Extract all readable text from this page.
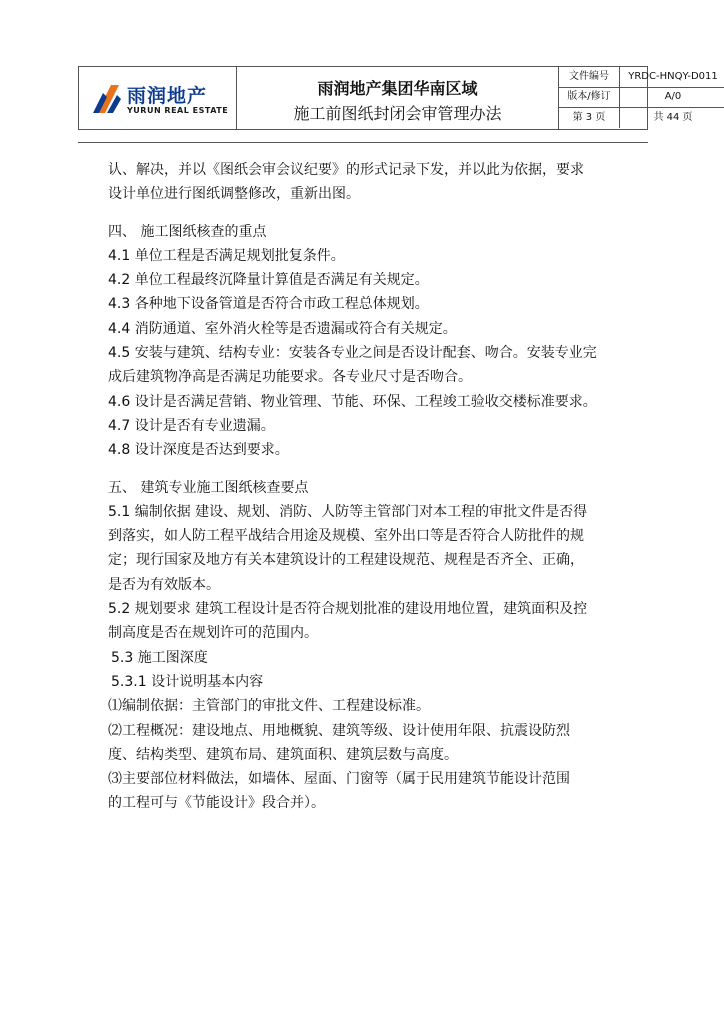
雨润地产
YURUN REAL ESTATE
雨润地产集团华南区域
施工前图纸封闭会审管理办法
文件编号	YRDC-HNQY-D011
版本/修订	A/0
第 3 页	共 44 页

认、解决，并以《图纸会审会议纪要》的形式记录下发，并以此为依据，要求

设计单位进行图纸调整修改，重新出图。

四、 施工图纸核查的重点

4.1 单位工程是否满足规划批复条件。

4.2 单位工程最终沉降量计算值是否满足有关规定。

4.3 各种地下设备管道是否符合市政工程总体规划。

4.4 消防通道、室外消火栓等是否遗漏或符合有关规定。

4.5 安装与建筑、结构专业：安装各专业之间是否设计配套、吻合。安装专业完

成后建筑物净高是否满足功能要求。各专业尺寸是否吻合。

4.6 设计是否满足营销、物业管理、节能、环保、工程竣工验收交楼标准要求。

4.7 设计是否有专业遗漏。

4.8 设计深度是否达到要求。

五、 建筑专业施工图纸核查要点

5.1 编制依据 建设、规划、消防、人防等主管部门对本工程的审批文件是否得

到落实，如人防工程平战结合用途及规模、室外出口等是否符合人防批件的规

定；现行国家及地方有关本建筑设计的工程建设规范、规程是否齐全、正确，

是否为有效版本。

5.2 规划要求 建筑工程设计是否符合规划批准的建设用地位置，建筑面积及控

制高度是否在规划许可的范围内。

5.3 施工图深度

5.3.1 设计说明基本内容

⑴编制依据：主管部门的审批文件、工程建设标准。

⑵工程概况：建设地点、用地概貌、建筑等级、设计使用年限、抗震设防烈

度、结构类型、建筑布局、建筑面积、建筑层数与高度。

⑶主要部位材料做法，如墙体、屋面、门窗等（属于民用建筑节能设计范围

的工程可与《节能设计》段合并）。
